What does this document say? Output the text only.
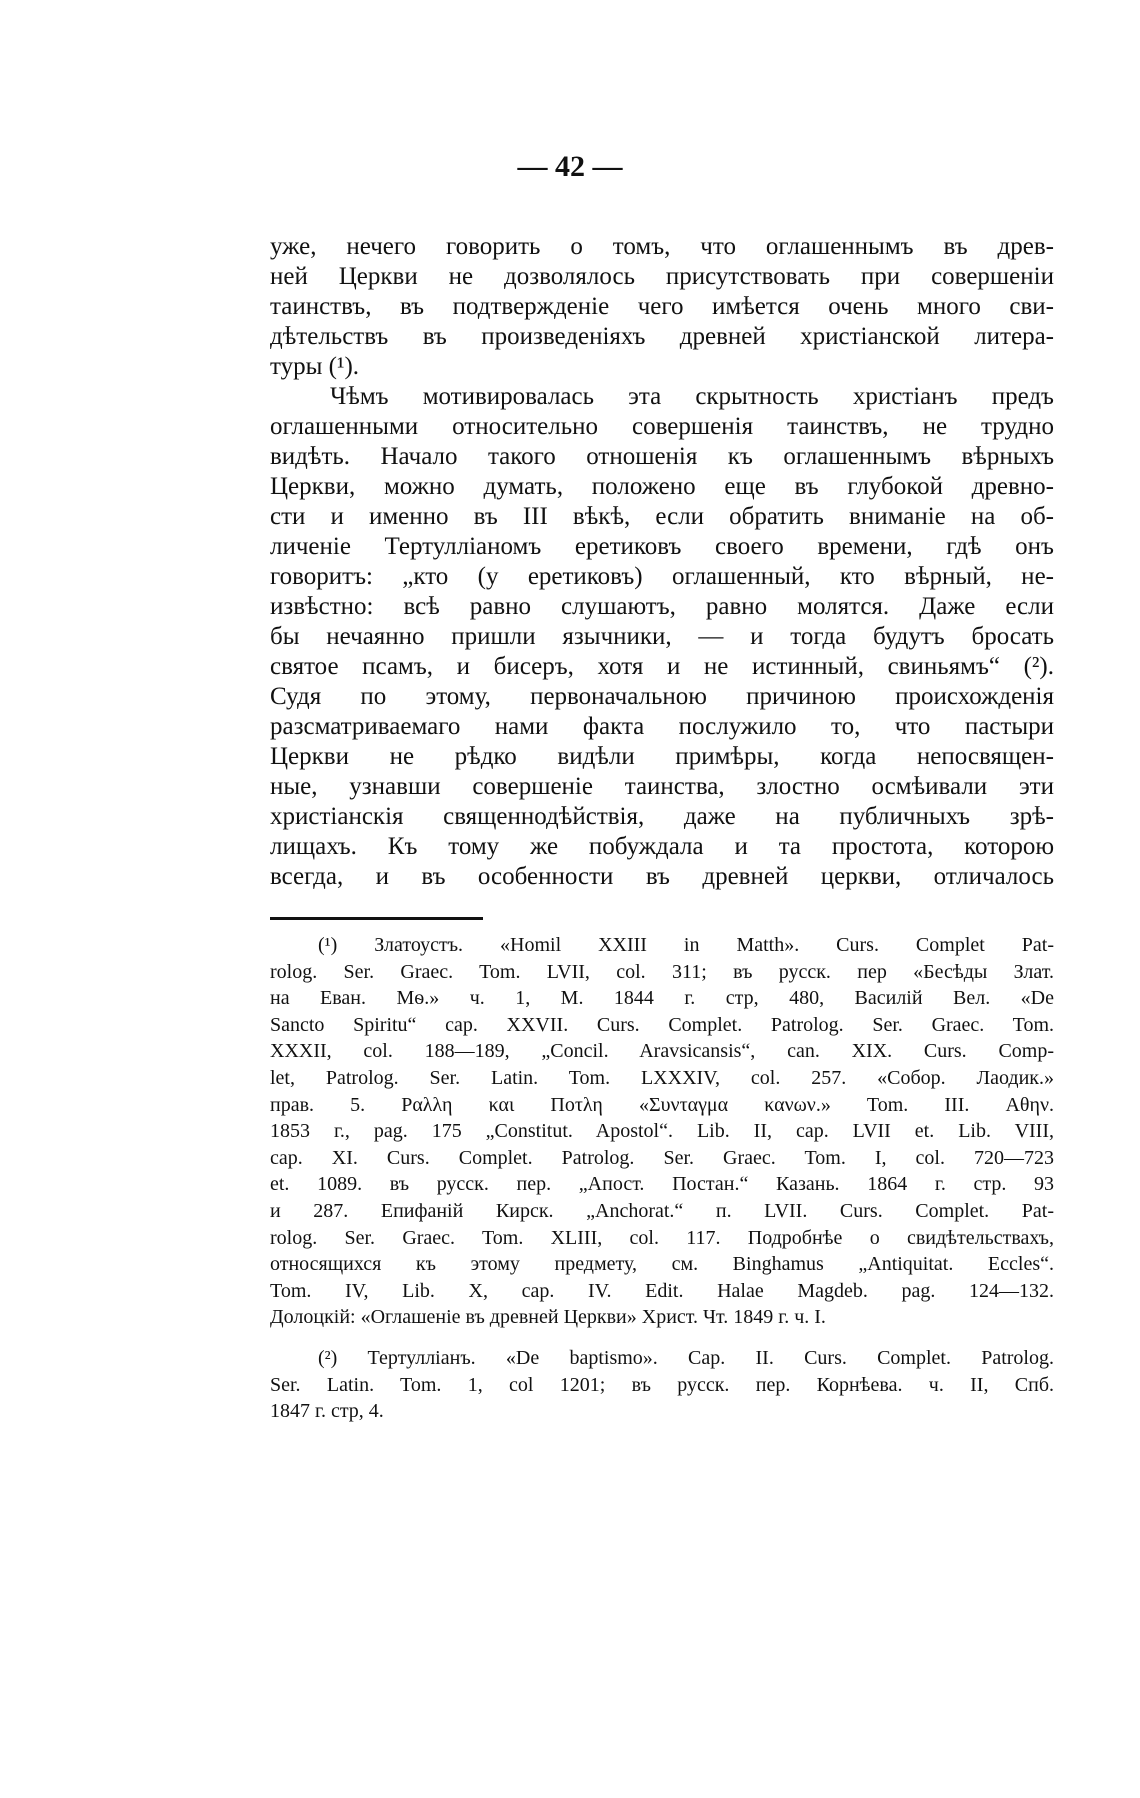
— 42 —
уже, нечего говорить о томъ, что оглашеннымъ въ древ-
ней Церкви не дозволялось присутствовать при совершеніи
таинствъ, въ подтвержденіе чего имѣется очень много сви-
дѣтельствъ въ произведеніяхъ древней христіанской литера-
туры (¹).
Чѣмъ мотивировалась эта скрытность христіанъ предъ
оглашенными относительно совершенія таинствъ, не трудно
видѣть. Начало такого отношенія къ оглашеннымъ вѣрныхъ
Церкви, можно думать, положено еще въ глубокой древно-
сти и именно въ III вѣкѣ, если обратить вниманіе на об-
личеніе Тертулліаномъ еретиковъ своего времени, гдѣ онъ
говоритъ: „кто (у еретиковъ) оглашенный, кто вѣрный, не-
извѣстно: всѣ равно слушаютъ, равно молятся. Даже если
бы нечаянно пришли язычники, — и тогда будутъ бросать
святое псамъ, и бисеръ, хотя и не истинный, свиньямъ“ (²).
Судя по этому, первоначальною причиною происхожденія
разсматриваемаго нами факта послужило то, что пастыри
Церкви не рѣдко видѣли примѣры, когда непосвящен-
ные, узнавши совершеніе таинства, злостно осмѣивали эти
христіанскія священнодѣйствія, даже на публичныхъ зрѣ-
лищахъ. Къ тому же побуждала и та простота, которою
всегда, и въ особенности въ древней церкви, отличалось
(¹) Златоустъ. «Homil XXIII in Matth». Curs. Complet Pat-
rolog. Ser. Graec. Tom. LVII, col. 311; въ русск. пер «Бесѣды Злат.
на Еван. Мѳ.» ч. 1, М. 1844 г. стр, 480, Василій Вел. «De
Sancto Spiritu“ cap. XXVII. Curs. Complet. Patrolog. Ser. Graec. Tom.
XXXII, col. 188—189, „Concil. Aravsicansis“, can. XIX. Curs. Comp-
let, Patrolog. Ser. Latin. Tom. LXXXIV, col. 257. «Собор. Лаодик.»
прав. 5. Ραλλη και Ποτλη «Συνταγμα κανων.» Tom. III. Αθην.
1853 г., pag. 175 „Constitut. Apostol“. Lib. II, cap. LVII et. Lib. VIII,
cap. XI. Curs. Complet. Patrolog. Ser. Graec. Tom. I, col. 720—723
et. 1089. въ русск. пер. „Апост. Постан.“ Казань. 1864 г. стр. 93
и 287. Епифаній Кирск. „Anchorat.“ п. LVII. Curs. Complet. Pat-
rolog. Ser. Graec. Tom. XLIII, col. 117. Подробнѣе о свидѣтельствахъ,
относящихся къ этому предмету, см. Binghamus „Antiquitat. Eccles“.
Tom. IV, Lib. X, cap. IV. Edit. Halae Magdeb. pag. 124—132.
Долоцкій: «Оглашеніе въ древней Церкви» Христ. Чт. 1849 г. ч. I.
(²) Тертулліанъ. «De baptismo». Cap. II. Curs. Complet. Patrolog.
Ser. Latin. Tom. 1, col 1201; въ русск. пер. Корнѣева. ч. II, Спб.
1847 г. стр, 4.
